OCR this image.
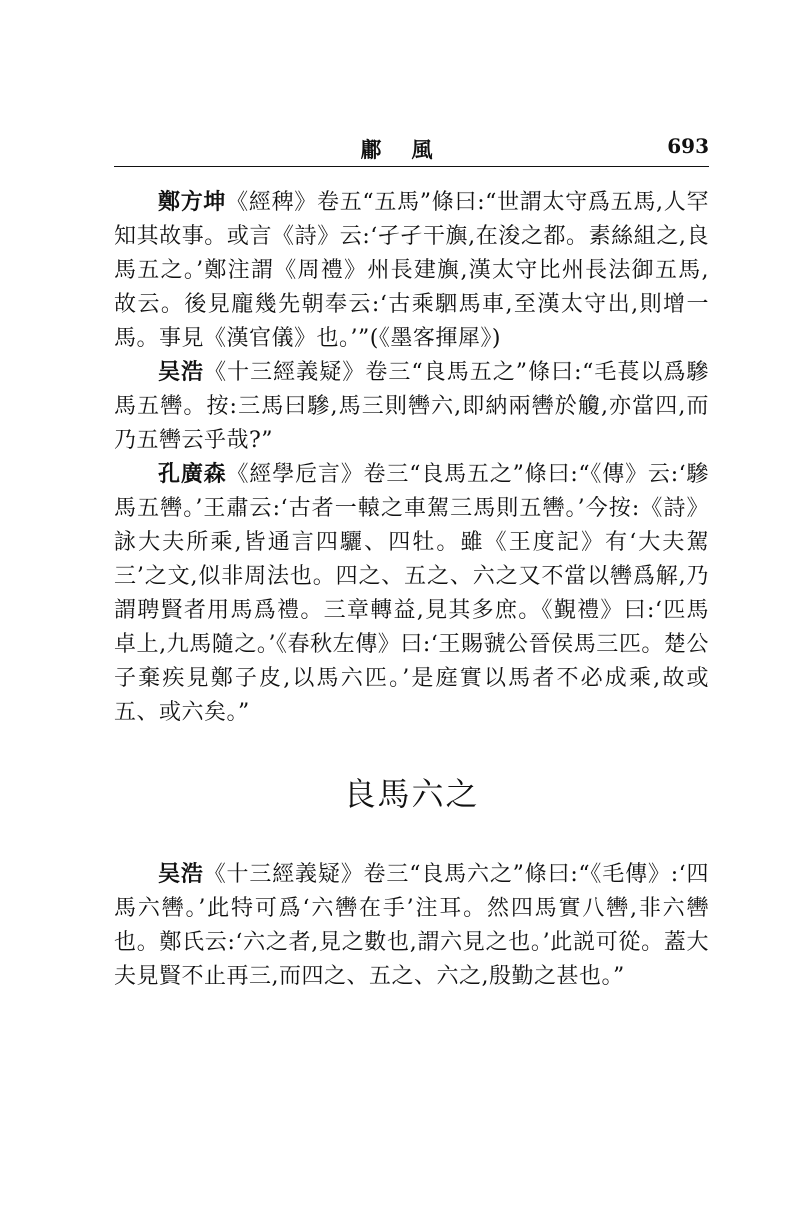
鄘風	693

鄭方坤《經稗》卷五“五馬”條曰:“世謂太守爲五馬,人罕知其故事。或言《詩》云:‘孑孑干旟,在浚之都。素絲組之,良馬五之。’鄭注謂《周禮》州長建旟,漢太守比州長法御五馬,故云。後見龐幾先朝奉云:‘古乘駟馬車,至漢太守出,則增一馬。事見《漢官儀》也。’”(《墨客揮犀》)

吴浩《十三經義疑》卷三“良馬五之”條曰:“毛萇以爲驂馬五轡。按:三馬曰驂,馬三則轡六,即納兩轡於觼,亦當四,而乃五轡云乎哉?”

孔廣森《經學卮言》卷三“良馬五之”條曰:“《傳》云:‘驂馬五轡。’王肅云:‘古者一轅之車駕三馬則五轡。’今按:《詩》詠大夫所乘,皆通言四驪、四牡。雖《王度記》有‘大夫駕三’之文,似非周法也。四之、五之、六之又不當以轡爲解,乃謂聘賢者用馬爲禮。三章轉益,見其多庶。《覲禮》曰:‘匹馬卓上,九馬隨之。’《春秋左傳》曰:‘王賜虢公晉侯馬三匹。楚公子棄疾見鄭子皮,以馬六匹。’是庭實以馬者不必成乘,故或五、或六矣。”

良馬六之

吴浩《十三經義疑》卷三“良馬六之”條曰:“《毛傳》:‘四馬六轡。’此特可爲‘六轡在手’注耳。然四馬實八轡,非六轡也。鄭氏云:‘六之者,見之數也,謂六見之也。’此説可從。蓋大夫見賢不止再三,而四之、五之、六之,殷勤之甚也。”
